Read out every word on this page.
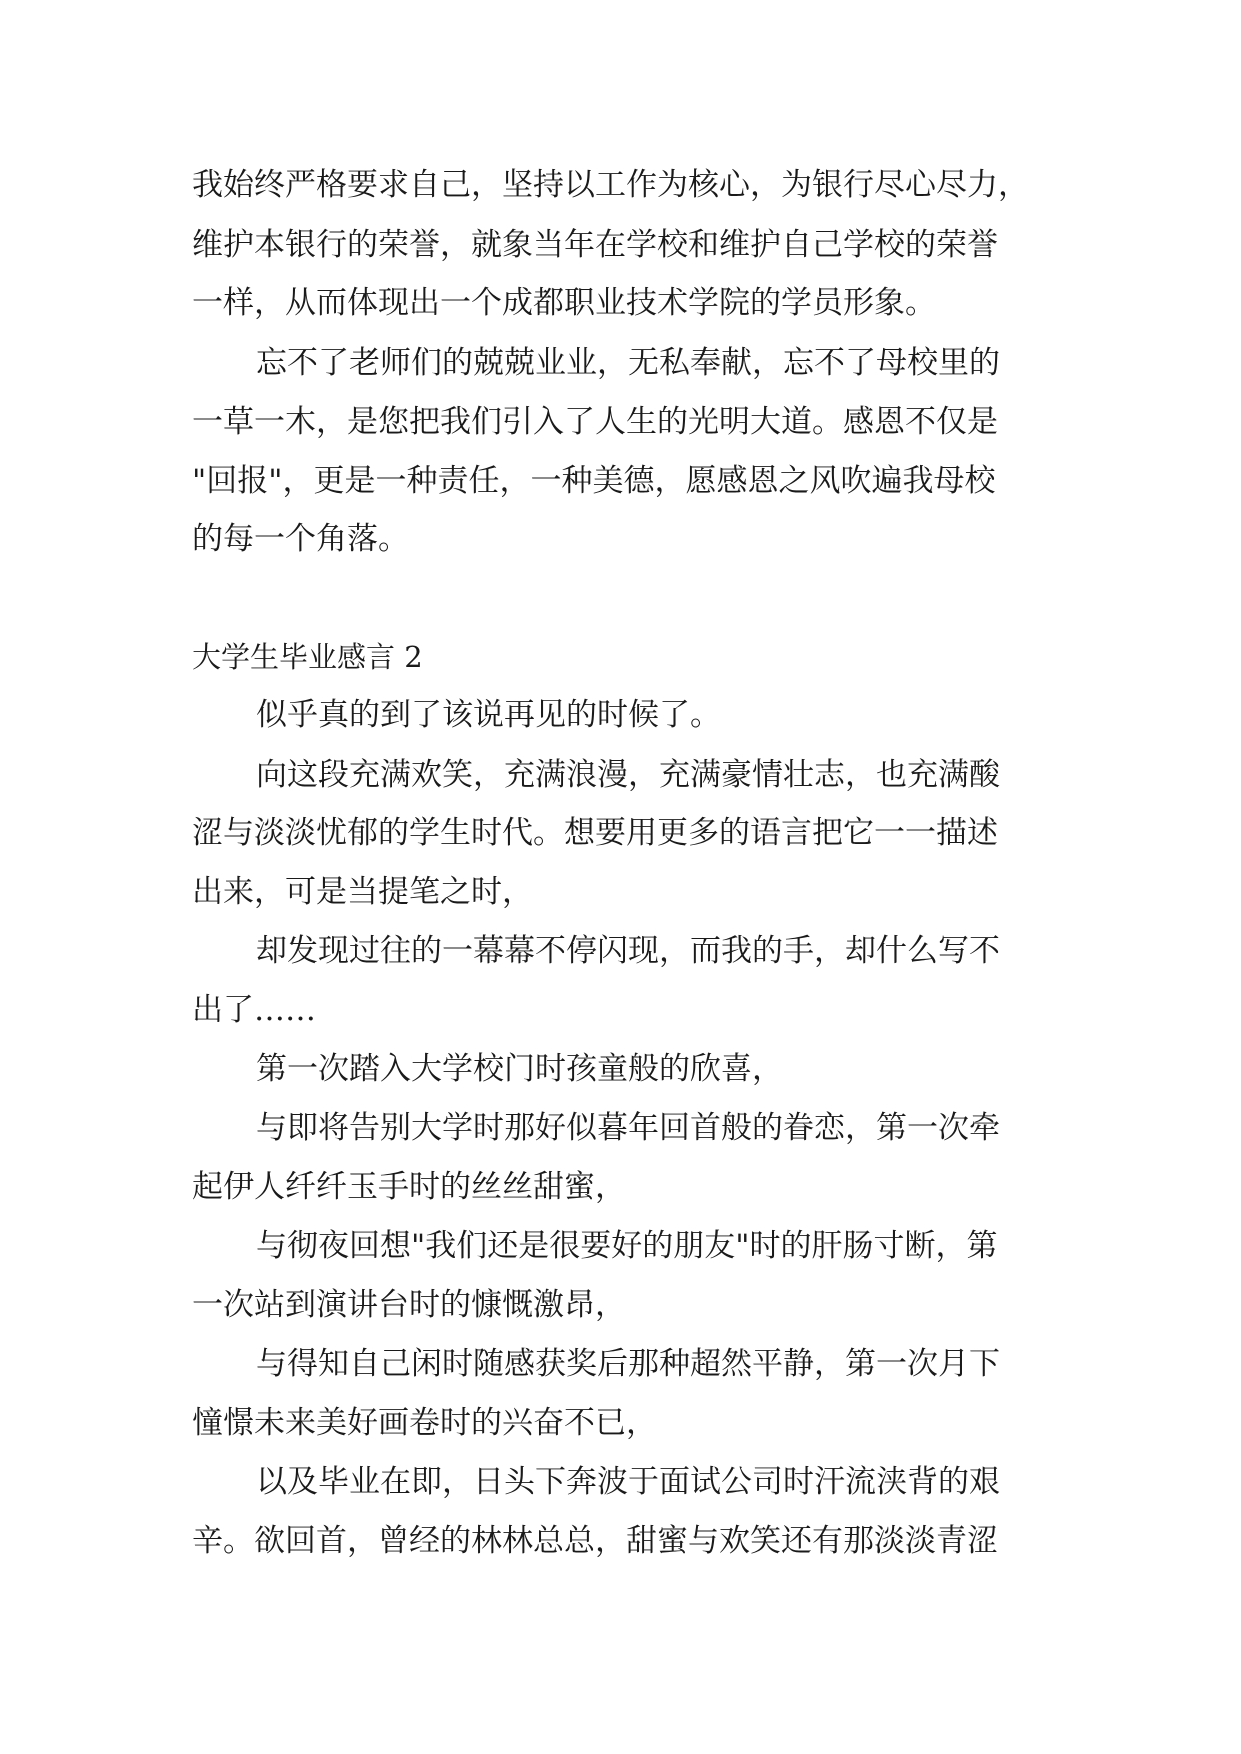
我始终严格要求自己，坚持以工作为核心，为银行尽心尽力，
维护本银行的荣誉，就象当年在学校和维护自己学校的荣誉
一样，从而体现出一个成都职业技术学院的学员形象。
忘不了老师们的兢兢业业，无私奉献，忘不了母校里的
一草一木，是您把我们引入了人生的光明大道。感恩不仅是
"回报"，更是一种责任，一种美德，愿感恩之风吹遍我母校
的每一个角落。
大学生毕业感言 2
似乎真的到了该说再见的时候了。
向这段充满欢笑，充满浪漫，充满豪情壮志，也充满酸
涩与淡淡忧郁的学生时代。想要用更多的语言把它一一描述
出来，可是当提笔之时，
却发现过往的一幕幕不停闪现，而我的手，却什么写不
出了……
第一次踏入大学校门时孩童般的欣喜，
与即将告别大学时那好似暮年回首般的眷恋，第一次牵
起伊人纤纤玉手时的丝丝甜蜜，
与彻夜回想"我们还是很要好的朋友"时的肝肠寸断，第
一次站到演讲台时的慷慨激昂，
与得知自己闲时随感获奖后那种超然平静，第一次月下
憧憬未来美好画卷时的兴奋不已，
以及毕业在即，日头下奔波于面试公司时汗流浃背的艰
辛。欲回首，曾经的林林总总，甜蜜与欢笑还有那淡淡青涩
